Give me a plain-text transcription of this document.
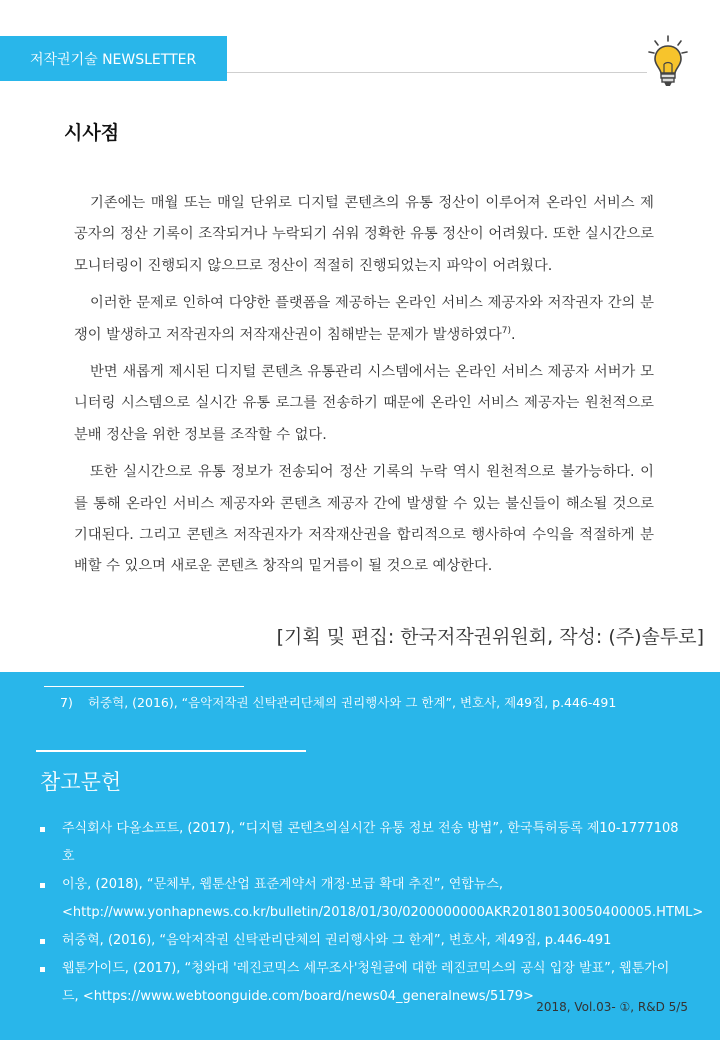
저작권기술 NEWSLETTER
시사점

기존에는 매월 또는 매일 단위로 디지털 콘텐츠의 유통 정산이 이루어져 온라인 서비스 제공자의 정산 기록이 조작되거나 누락되기 쉬워 정확한 유통 정산이 어려웠다. 또한 실시간으로 모니터링이 진행되지 않으므로 정산이 적절히 진행되었는지 파악이 어려웠다.

이러한 문제로 인하여 다양한 플랫폼을 제공하는 온라인 서비스 제공자와 저작권자 간의 분쟁이 발생하고 저작권자의 저작재산권이 침해받는 문제가 발생하였다$^{7)}$.

반면 새롭게 제시된 디지털 콘텐츠 유통관리 시스템에서는 온라인 서비스 제공자 서버가 모니터링 시스템으로 실시간 유통 로그를 전송하기 때문에 온라인 서비스 제공자는 원천적으로 분배 정산을 위한 정보를 조작할 수 없다.

또한 실시간으로 유통 정보가 전송되어 정산 기록의 누락 역시 원천적으로 불가능하다. 이를 통해 온라인 서비스 제공자와 콘텐츠 제공자 간에 발생할 수 있는 불신들이 해소될 것으로 기대된다. 그리고 콘텐츠 저작권자가 저작재산권을 합리적으로 행사하여 수익을 적절하게 분배할 수 있으며 새로운 콘텐츠 창작의 밑거름이 될 것으로 예상한다.

[기획 및 편집: 한국저작권위원회, 작성: (주)솔투로]
7) 허중혁, (2016), “음악저작권 신탁관리단체의 권리행사와 그 한계”, 변호사, 제49집, p.446-491
참고문헌
주식회사 다올소프트, (2017), “디지털 콘텐츠의실시간 유통 정보 전송 방법”, 한국특허등록 제10-1777108호
이웅, (2018), “문체부, 웹툰산업 표준계약서 개정·보급 확대 추진”, 연합뉴스, <http://www.yonhapnews.co.kr/bulletin/2018/01/30/0200000000AKR20180130050400005.HTML>
허중혁, (2016), “음악저작권 신탁관리단체의 권리행사와 그 한계”, 변호사, 제49집, p.446-491
웹툰가이드, (2017), “청와대 '레진코믹스 세무조사'청원글에 대한 레진코믹스의 공식 입장 발표”, 웹툰가이드, <https://www.webtoonguide.com/board/news04_generalnews/5179>
2018, Vol.03- ①, R&D 5/5
